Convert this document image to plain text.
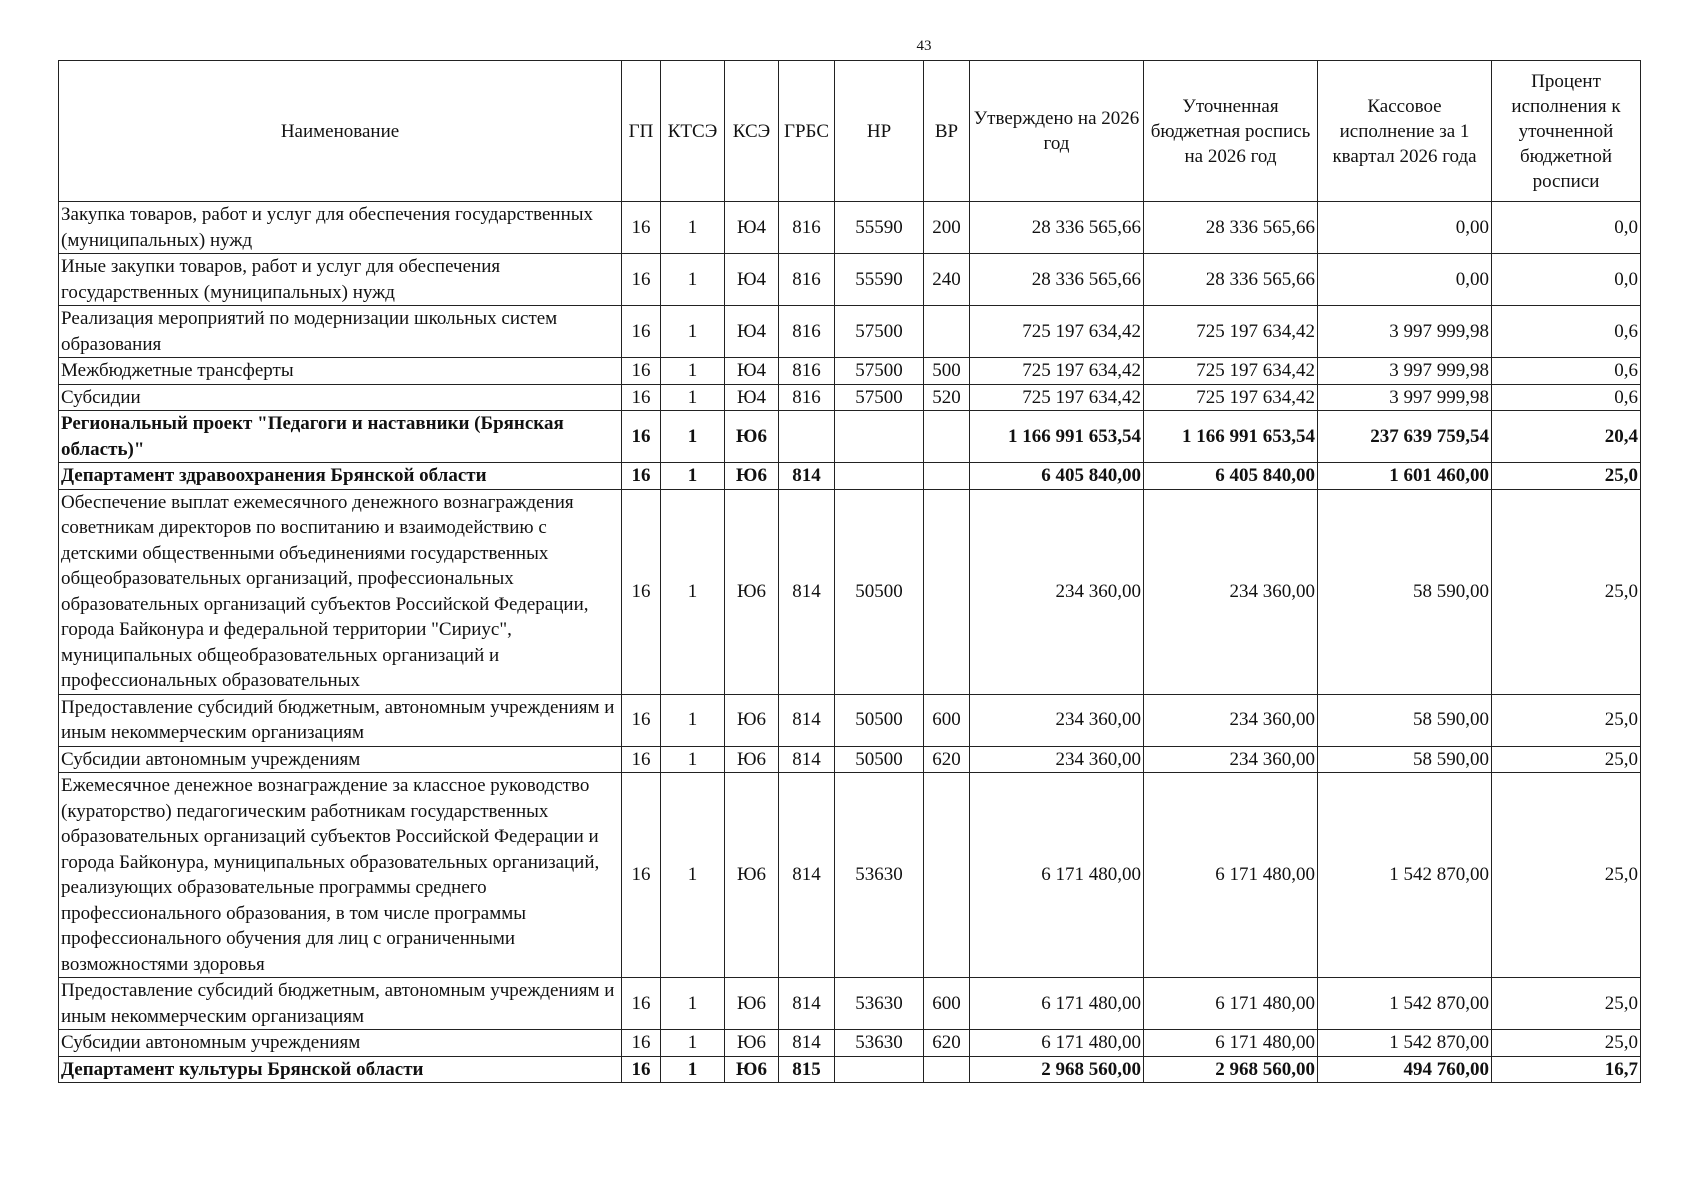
43
Наименование	ГП	КТСЭ	КСЭ	ГРБС	НР	ВР	Утверждено на 2026 год	Уточненная бюджетная роспись на 2026 год	Кассовое исполнение за 1 квартал 2026 года	Процент исполнения к уточненной бюджетной росписи
Закупка товаров, работ и услуг для обеспечения государственных (муниципальных) нужд	16	1	Ю4	816	55590	200	28 336 565,66	28 336 565,66	0,00	0,0
Иные закупки товаров, работ и услуг для обеспечения государственных (муниципальных) нужд	16	1	Ю4	816	55590	240	28 336 565,66	28 336 565,66	0,00	0,0
Реализация мероприятий по модернизации школьных систем образования	16	1	Ю4	816	57500		725 197 634,42	725 197 634,42	3 997 999,98	0,6
Межбюджетные трансферты	16	1	Ю4	816	57500	500	725 197 634,42	725 197 634,42	3 997 999,98	0,6
Субсидии	16	1	Ю4	816	57500	520	725 197 634,42	725 197 634,42	3 997 999,98	0,6
Региональный проект "Педагоги и наставники (Брянская область)"	16	1	Ю6				1 166 991 653,54	1 166 991 653,54	237 639 759,54	20,4
Департамент здравоохранения Брянской области	16	1	Ю6	814			6 405 840,00	6 405 840,00	1 601 460,00	25,0
Обеспечение выплат ежемесячного денежного вознаграждения советникам директоров по воспитанию и взаимодействию с детскими общественными объединениями государственных общеобразовательных организаций, профессиональных образовательных организаций субъектов Российской Федерации, города Байконура и федеральной территории "Сириус", муниципальных общеобразовательных организаций и профессиональных образовательных	16	1	Ю6	814	50500		234 360,00	234 360,00	58 590,00	25,0
Предоставление субсидий бюджетным, автономным учреждениям и иным некоммерческим организациям	16	1	Ю6	814	50500	600	234 360,00	234 360,00	58 590,00	25,0
Субсидии автономным учреждениям	16	1	Ю6	814	50500	620	234 360,00	234 360,00	58 590,00	25,0
Ежемесячное денежное вознаграждение за классное руководство (кураторство) педагогическим работникам государственных образовательных организаций субъектов Российской Федерации и города Байконура, муниципальных образовательных организаций, реализующих образовательные программы среднего профессионального образования, в том числе программы профессионального обучения для лиц с ограниченными возможностями здоровья	16	1	Ю6	814	53630		6 171 480,00	6 171 480,00	1 542 870,00	25,0
Предоставление субсидий бюджетным, автономным учреждениям и иным некоммерческим организациям	16	1	Ю6	814	53630	600	6 171 480,00	6 171 480,00	1 542 870,00	25,0
Субсидии автономным учреждениям	16	1	Ю6	814	53630	620	6 171 480,00	6 171 480,00	1 542 870,00	25,0
Департамент культуры Брянской области	16	1	Ю6	815			2 968 560,00	2 968 560,00	494 760,00	16,7
